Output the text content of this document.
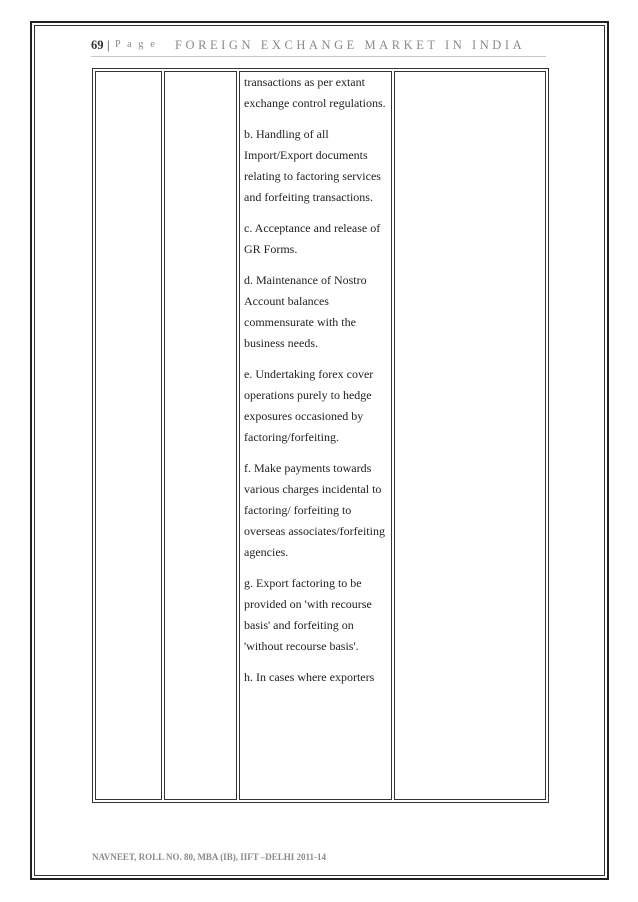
69 | P a g e FOREIGN EXCHANGE MARKET IN INDIA

transactions as per extant exchange control regulations.

b. Handling of all Import/Export documents relating to factoring services and forfeiting transactions.

c. Acceptance and release of GR Forms.

d. Maintenance of Nostro Account balances commensurate with the business needs.

e. Undertaking forex cover operations purely to hedge exposures occasioned by factoring/forfeiting.

f. Make payments towards various charges incidental to factoring/ forfeiting to overseas associates/forfeiting agencies.

g. Export factoring to be provided on 'with recourse basis' and forfeiting on 'without recourse basis'.

h. In cases where exporters

NAVNEET, ROLL NO. 80, MBA (IB), IIFT –DELHI 2011-14
